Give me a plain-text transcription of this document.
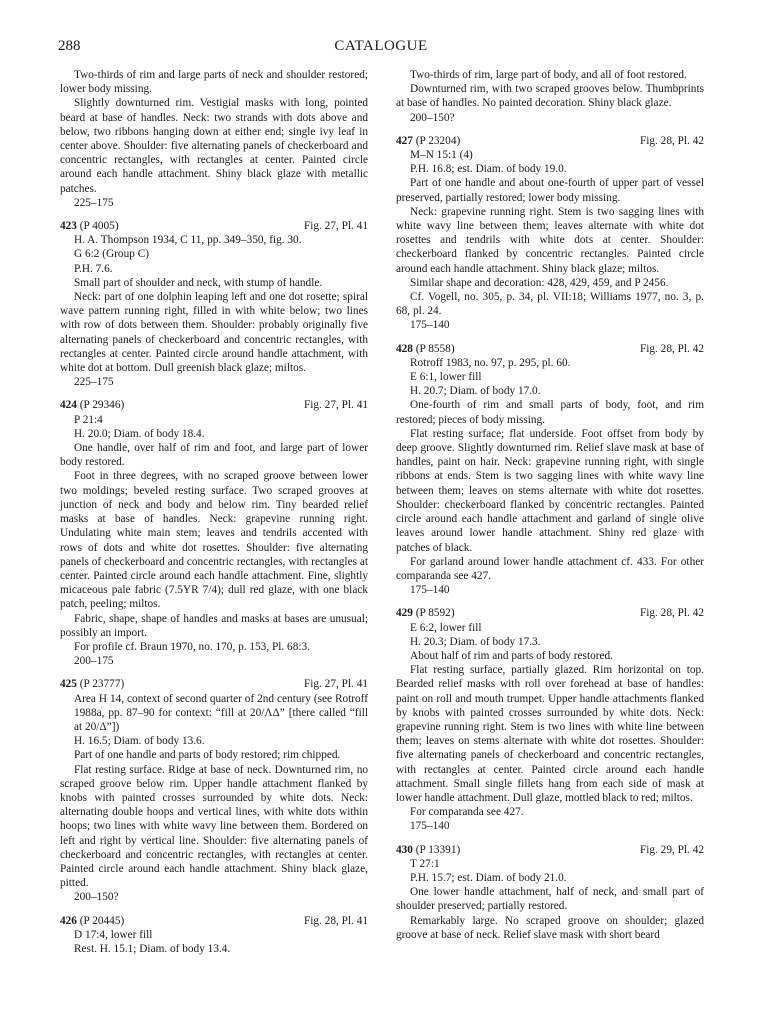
288	CATALOGUE

Two-thirds of rim and large parts of neck and shoulder restored; lower body missing.

Slightly downturned rim. Vestigial masks with long, pointed beard at base of handles. Neck: two strands with dots above and below, two ribbons hanging down at either end; single ivy leaf in center above. Shoulder: five alternating panels of checkerboard and concentric rectangles, with rectangles at center. Painted circle around each handle attachment. Shiny black glaze with metallic patches.

225–175

423 (P 4005)	Fig. 27, Pl. 41

H. A. Thompson 1934, C 11, pp. 349–350, fig. 30.

G 6:2 (Group C)

P.H. 7.6.

Small part of shoulder and neck, with stump of handle.

Neck: part of one dolphin leaping left and one dot rosette; spiral wave pattern running right, filled in with white below; two lines with row of dots between them. Shoulder: probably originally five alternating panels of checkerboard and concentric rectangles, with rectangles at center. Painted circle around handle attachment, with white dot at bottom. Dull greenish black glaze; miltos.

225–175

424 (P 29346)	Fig. 27, Pl. 41

P 21:4

H. 20.0; Diam. of body 18.4.

One handle, over half of rim and foot, and large part of lower body restored.

Foot in three degrees, with no scraped groove between lower two moldings; beveled resting surface. Two scraped grooves at junction of neck and body and below rim. Tiny bearded relief masks at base of handles. Neck: grapevine running right. Undulating white main stem; leaves and tendrils accented with rows of dots and white dot rosettes. Shoulder: five alternating panels of checkerboard and concentric rectangles, with rectangles at center. Painted circle around each handle attachment. Fine, slightly micaceous pale fabric (7.5YR 7/4); dull red glaze, with one black patch, peeling; miltos.

Fabric, shape, shape of handles and masks at bases are unusual; possibly an import.

For profile cf. Braun 1970, no. 170, p. 153, Pl. 68:3.

200–175

425 (P 23777)	Fig. 27, Pl. 41

Area H 14, context of second quarter of 2nd century (see Rotroff 1988a, pp. 87–90 for context: “fill at 20/ΛΔ” [there called “fill at 20/Δ”])

H. 16.5; Diam. of body 13.6.

Part of one handle and parts of body restored; rim chipped.

Flat resting surface. Ridge at base of neck. Downturned rim, no scraped groove below rim. Upper handle attachment flanked by knobs with painted crosses surrounded by white dots. Neck: alternating double hoops and vertical lines, with white dots within hoops; two lines with white wavy line between them. Bordered on left and right by vertical line. Shoulder: five alternating panels of checkerboard and concentric rectangles, with rectangles at center. Painted circle around each handle attachment. Shiny black glaze, pitted.

200–150?

426 (P 20445)	Fig. 28, Pl. 41

D 17:4, lower fill

Rest. H. 15.1; Diam. of body 13.4.

Two-thirds of rim, large part of body, and all of foot restored.

Downturned rim, with two scraped grooves below. Thumbprints at base of handles. No painted decoration. Shiny black glaze.

200–150?

427 (P 23204)	Fig. 28, Pl. 42

M–N 15:1 (4)

P.H. 16.8; est. Diam. of body 19.0.

Part of one handle and about one-fourth of upper part of vessel preserved, partially restored; lower body missing.

Neck: grapevine running right. Stem is two sagging lines with white wavy line between them; leaves alternate with white dot rosettes and tendrils with white dots at center. Shoulder: checkerboard flanked by concentric rectangles. Painted circle around each handle attachment. Shiny black glaze; miltos.

Similar shape and decoration: 428, 429, 459, and P 2456.

Cf. Vogell, no. 305, p. 34, pl. VII:18; Williams 1977, no. 3, p. 68, pl. 24.

175–140

428 (P 8558)	Fig. 28, Pl. 42

Rotroff 1983, no. 97, p. 295, pl. 60.

E 6:1, lower fill

H. 20.7; Diam. of body 17.0.

One-fourth of rim and small parts of body, foot, and rim restored; pieces of body missing.

Flat resting surface; flat underside. Foot offset from body by deep groove. Slightly downturned rim. Relief slave mask at base of handles, paint on hair. Neck: grapevine running right, with single ribbons at ends. Stem is two sagging lines with white wavy line between them; leaves on stems alternate with white dot rosettes. Shoulder: checkerboard flanked by concentric rectangles. Painted circle around each handle attachment and garland of single olive leaves around lower handle attachment. Shiny red glaze with patches of black.

For garland around lower handle attachment cf. 433. For other comparanda see 427.

175–140

429 (P 8592)	Fig. 28, Pl. 42

E 6:2, lower fill

H. 20.3; Diam. of body 17.3.

About half of rim and parts of body restored.

Flat resting surface, partially glazed. Rim horizontal on top. Bearded relief masks with roll over forehead at base of handles: paint on roll and mouth trumpet. Upper handle attachments flanked by knobs with painted crosses surrounded by white dots. Neck: grapevine running right. Stem is two lines with white line between them; leaves on stems alternate with white dot rosettes. Shoulder: five alternating panels of checkerboard and concentric rectangles, with rectangles at center. Painted circle around each handle attachment. Small single fillets hang from each side of mask at lower handle attachment. Dull glaze, mottled black to red; miltos.

For comparanda see 427.

175–140

430 (P 13391)	Fig. 29, Pl. 42

T 27:1

P.H. 15.7; est. Diam. of body 21.0.

One lower handle attachment, half of neck, and small part of shoulder preserved; partially restored.

Remarkably large. No scraped groove on shoulder; glazed groove at base of neck. Relief slave mask with short beard
